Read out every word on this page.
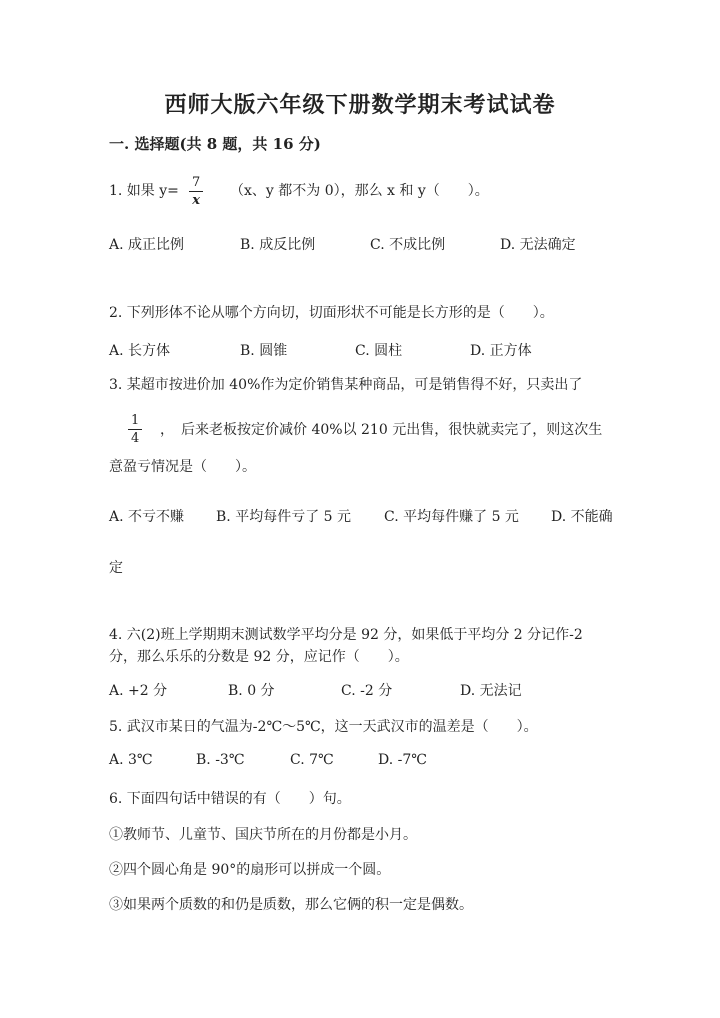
西师大版六年级下册数学期末考试试卷
一. 选择题(共 8 题，共 16 分)
1. 如果 $y= \frac{7}{x} (x$、y 都不为 0），那么 x 和 y（　　）。
A. 成正比例	B. 成反比例	C. 不成比例	D. 无法确定
2. 下列形体不论从哪个方向切，切面形状不可能是长方形的是（　　）。
A. 长方体	B. 圆锥	C. 圆柱	D. 正方体
3. 某超市按进价加 40%作为定价销售某种商品，可是销售得不好，只卖出了
$\frac{1}{4}$ ，　后来老板按定价减价 40%以 210 元出售，很快就卖完了，则这次生
意盈亏情况是（　　）。
A. 不亏不赚 B. 平均每件亏了 5 元 C. 平均每件赚了 5 元 D. 不能确
定
4. 六(2)班上学期期末测试数学平均分是 92 分，如果低于平均分 2 分记作-2
分，那么乐乐的分数是 92 分，应记作（　　）。
A. +2 分	B. 0 分	C. -2 分	D. 无法记
5. 武汉市某日的气温为-2℃～5℃，这一天武汉市的温差是（　　）。
A. 3℃	B. -3℃	C. 7℃	D. -7℃
6. 下面四句话中错误的有（　　）句。
①教师节、儿童节、国庆节所在的月份都是小月。
②四个圆心角是 90°的扇形可以拼成一个圆。
③如果两个质数的和仍是质数，那么它俩的积一定是偶数。
